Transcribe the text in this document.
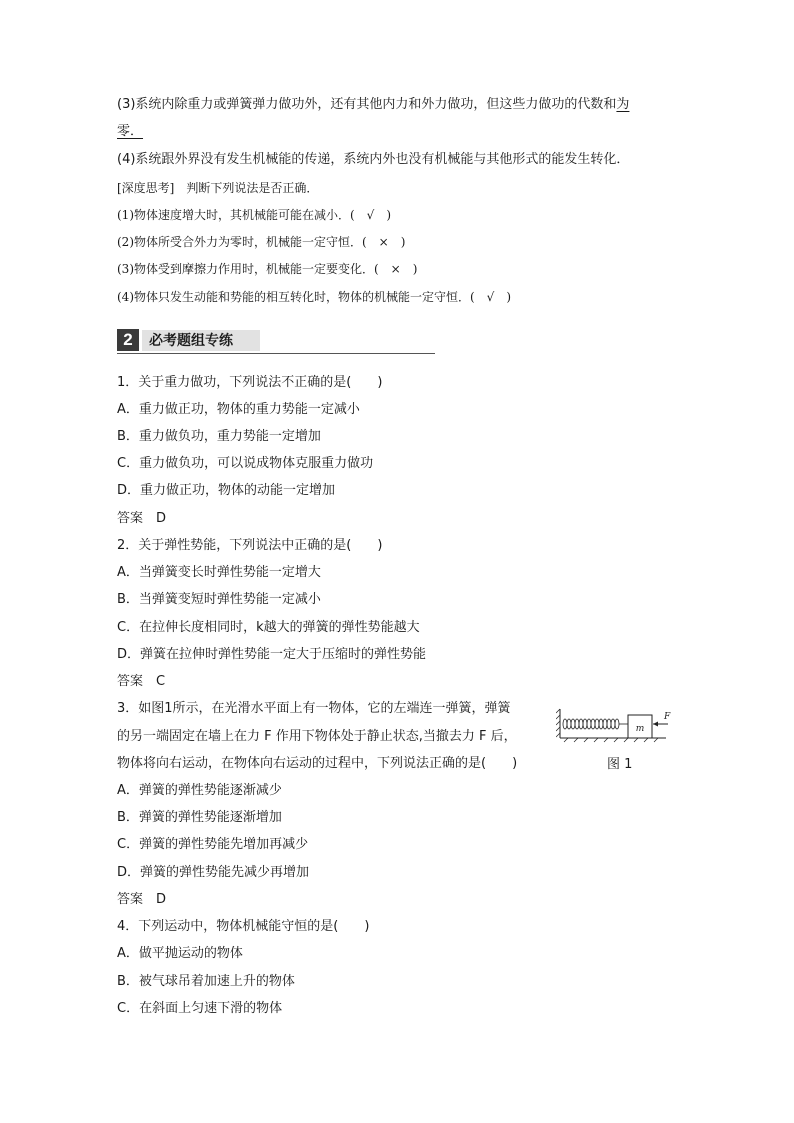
(3)系统内除重力或弹簧弹力做功外，还有其他内力和外力做功，但这些力做功的代数和为
零．
(4)系统跟外界没有发生机械能的传递，系统内外也没有机械能与其他形式的能发生转化．
[深度思考]　判断下列说法是否正确．
(1)物体速度增大时，其机械能可能在减小．(　√　)
(2)物体所受合外力为零时，机械能一定守恒．(　×　)
(3)物体受到摩擦力作用时，机械能一定要变化．(　×　)
(4)物体只发生动能和势能的相互转化时，物体的机械能一定守恒．(　√　)
2	必考题组专练
1．关于重力做功，下列说法不正确的是(　　)
A．重力做正功，物体的重力势能一定减小
B．重力做负功，重力势能一定增加
C．重力做负功，可以说成物体克服重力做功
D．重力做正功，物体的动能一定增加
答案　D
2．关于弹性势能，下列说法中正确的是(　　)
A．当弹簧变长时弹性势能一定增大
B．当弹簧变短时弹性势能一定减小
C．在拉伸长度相同时，k越大的弹簧的弹性势能越大
D．弹簧在拉伸时弹性势能一定大于压缩时的弹性势能
答案　C
3．如图1所示，在光滑水平面上有一物体，它的左端连一弹簧，弹簧
的另一端固定在墙上在力 F 作用下物体处于静止状态,当撤去力 F 后，
物体将向右运动，在物体向右运动的过程中，下列说法正确的是(　　)
m
F
图 1
A．弹簧的弹性势能逐渐减少
B．弹簧的弹性势能逐渐增加
C．弹簧的弹性势能先增加再减少
D．弹簧的弹性势能先减少再增加
答案　D
4．下列运动中，物体机械能守恒的是(　　)
A．做平抛运动的物体
B．被气球吊着加速上升的物体
C．在斜面上匀速下滑的物体
